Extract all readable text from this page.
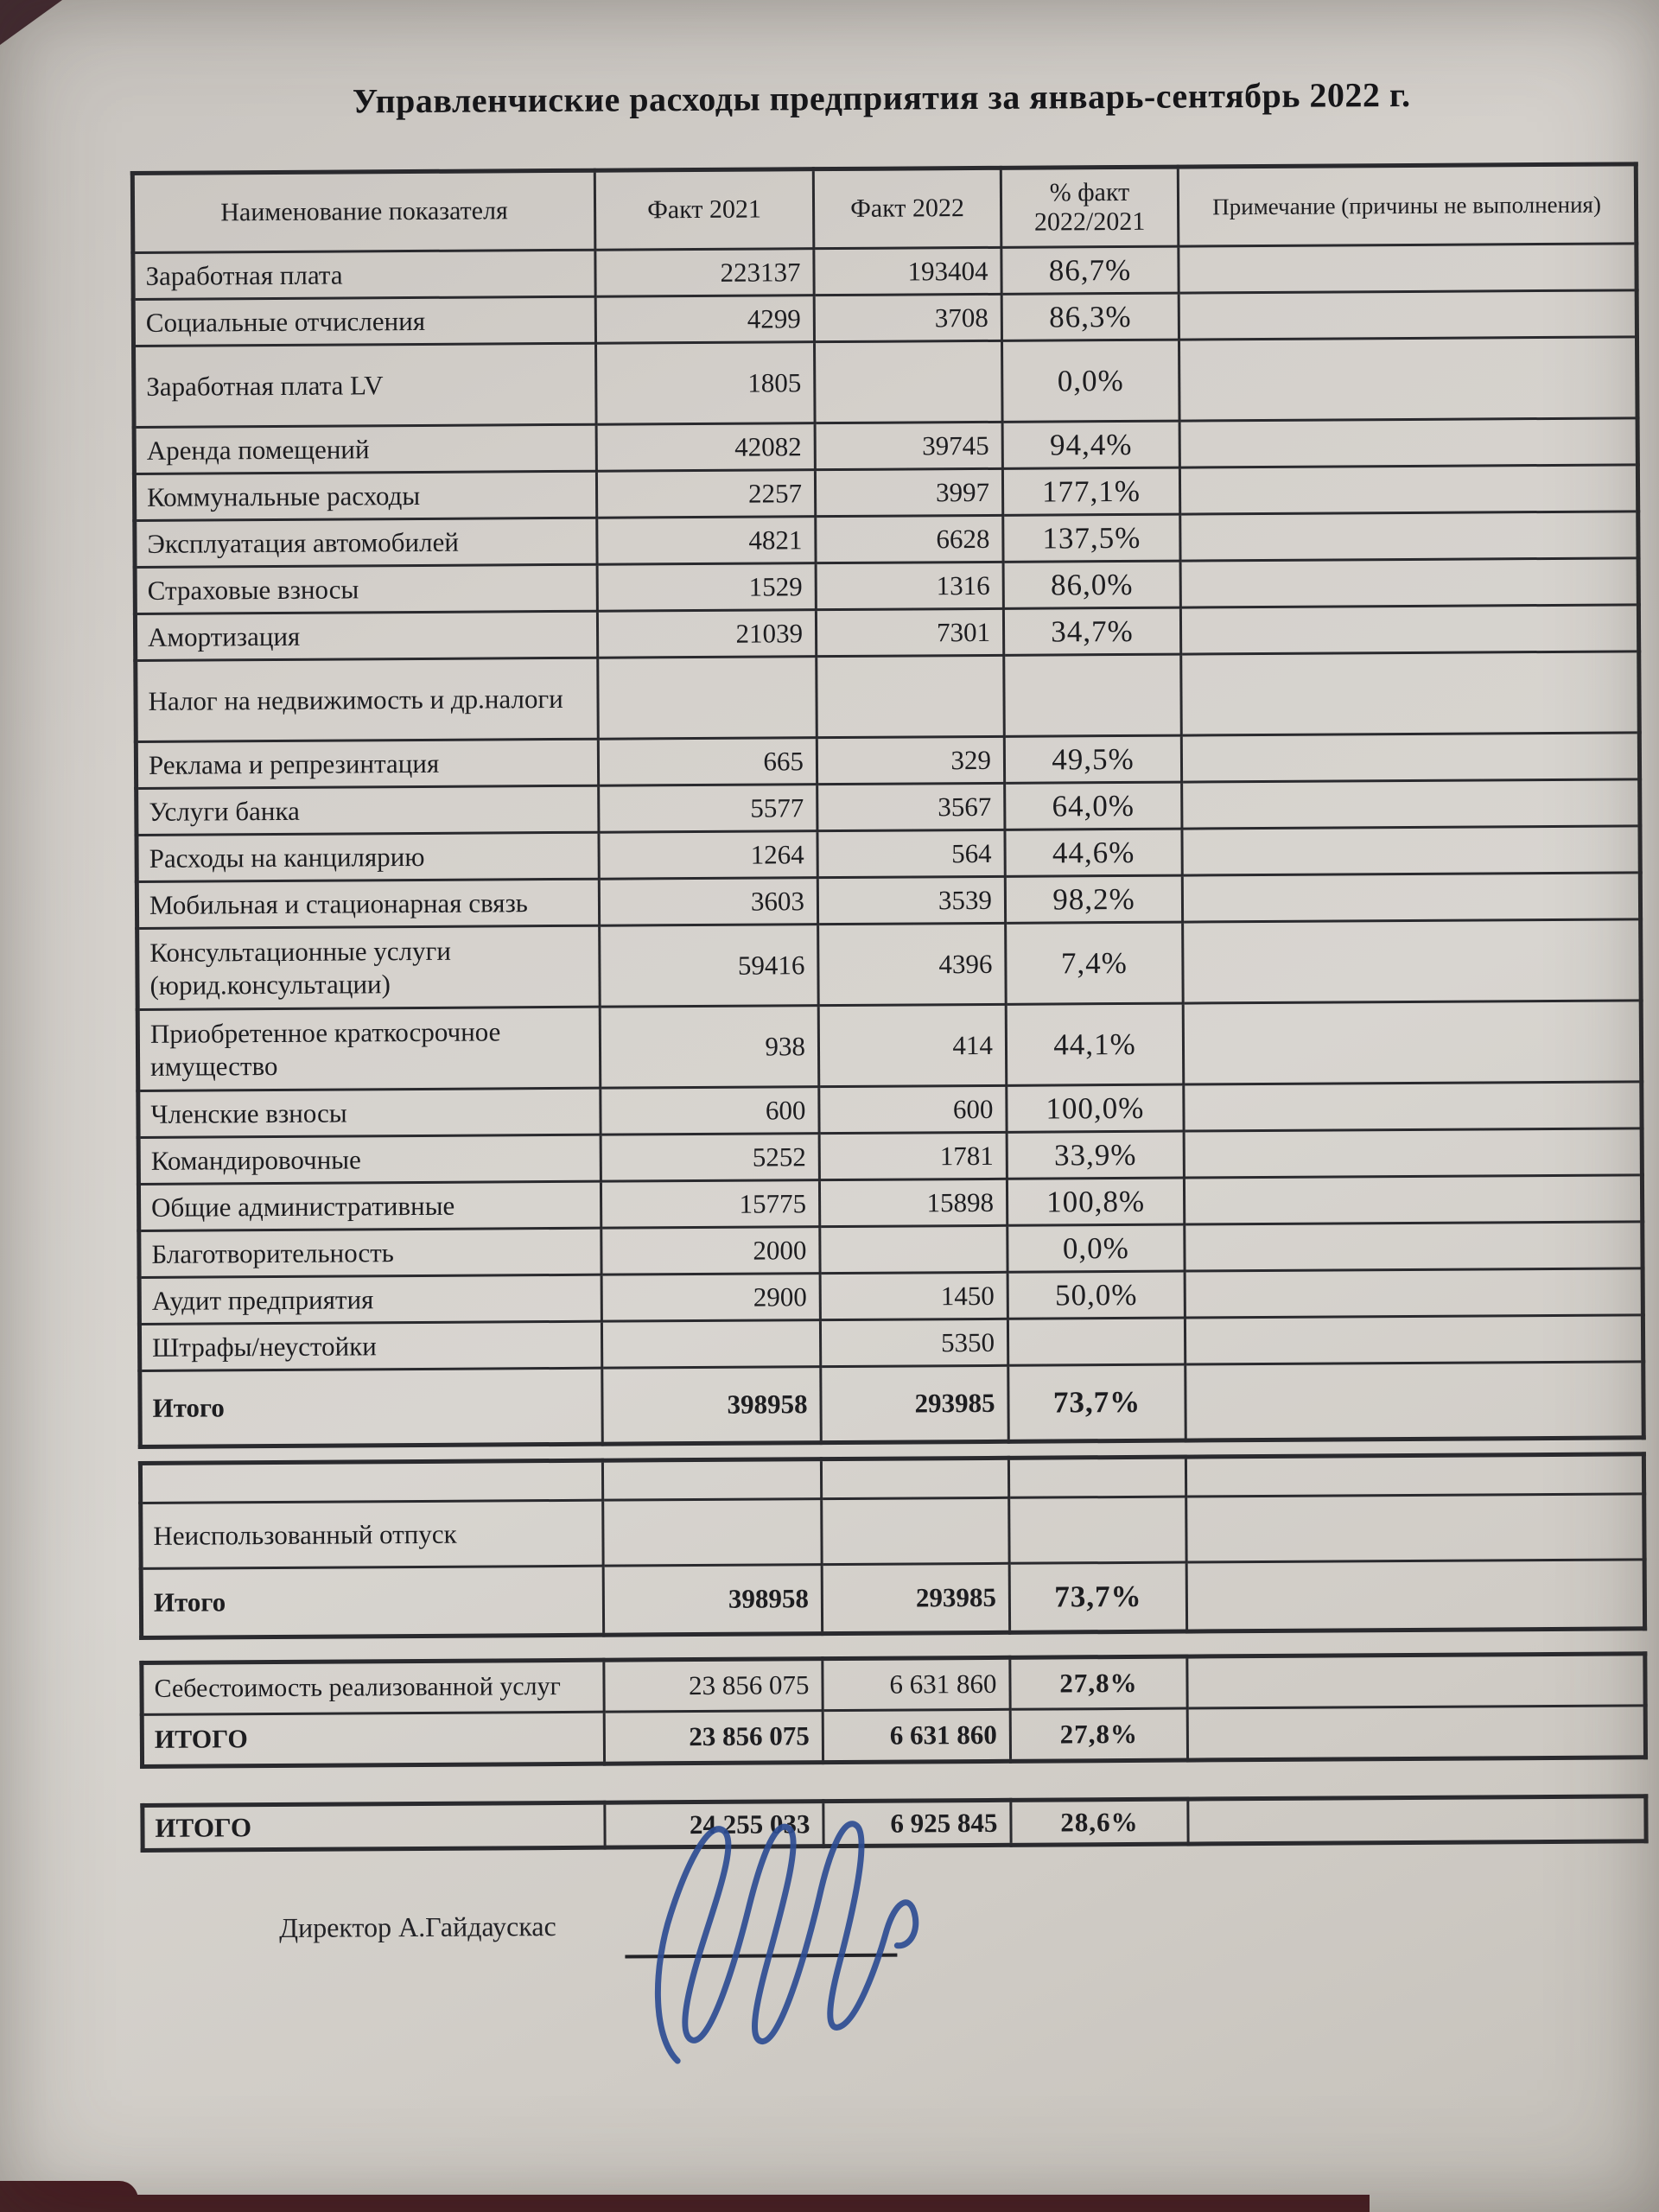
Управленчиские расходы предприятия за январь-сентябрь 2022 г.
Наименование показателя	Факт 2021	Факт 2022	% факт 2022/2021	Примечание (причины не выполнения)
Заработная плата	223137	193404	86,7%	
Социальные отчисления	4299	3708	86,3%	
Заработная плата LV	1805		0,0%	
Аренда помещений	42082	39745	94,4%	
Коммунальные расходы	2257	3997	177,1%	
Эксплуатация автомобилей	4821	6628	137,5%	
Страховые взносы	1529	1316	86,0%	
Амортизация	21039	7301	34,7%	
Налог на недвижимость и др.налоги				
Реклама и репрезинтация	665	329	49,5%	
Услуги банка	5577	3567	64,0%	
Расходы на канцилярию	1264	564	44,6%	
Мобильная и стационарная связь	3603	3539	98,2%	
Консультационные услуги (юрид.консультации)	59416	4396	7,4%	
Приобретенное краткосрочное имущество	938	414	44,1%	
Членские взносы	600	600	100,0%	
Командировочные	5252	1781	33,9%	
Общие административные	15775	15898	100,8%	
Благотворительность	2000		0,0%	
Аудит предприятия	2900	1450	50,0%	
Штрафы/неустойки		5350		
Итого	398958	293985	73,7%	

Неиспользованный отпуск				
Итого	398958	293985	73,7%	
Себестоимость реализованной услуг	23 856 075	6 631 860	27,8%	
ИТОГО	23 856 075	6 631 860	27,8%	
ИТОГО	24 255 033	6 925 845	28,6%	
Директор А.Гайдаускас
